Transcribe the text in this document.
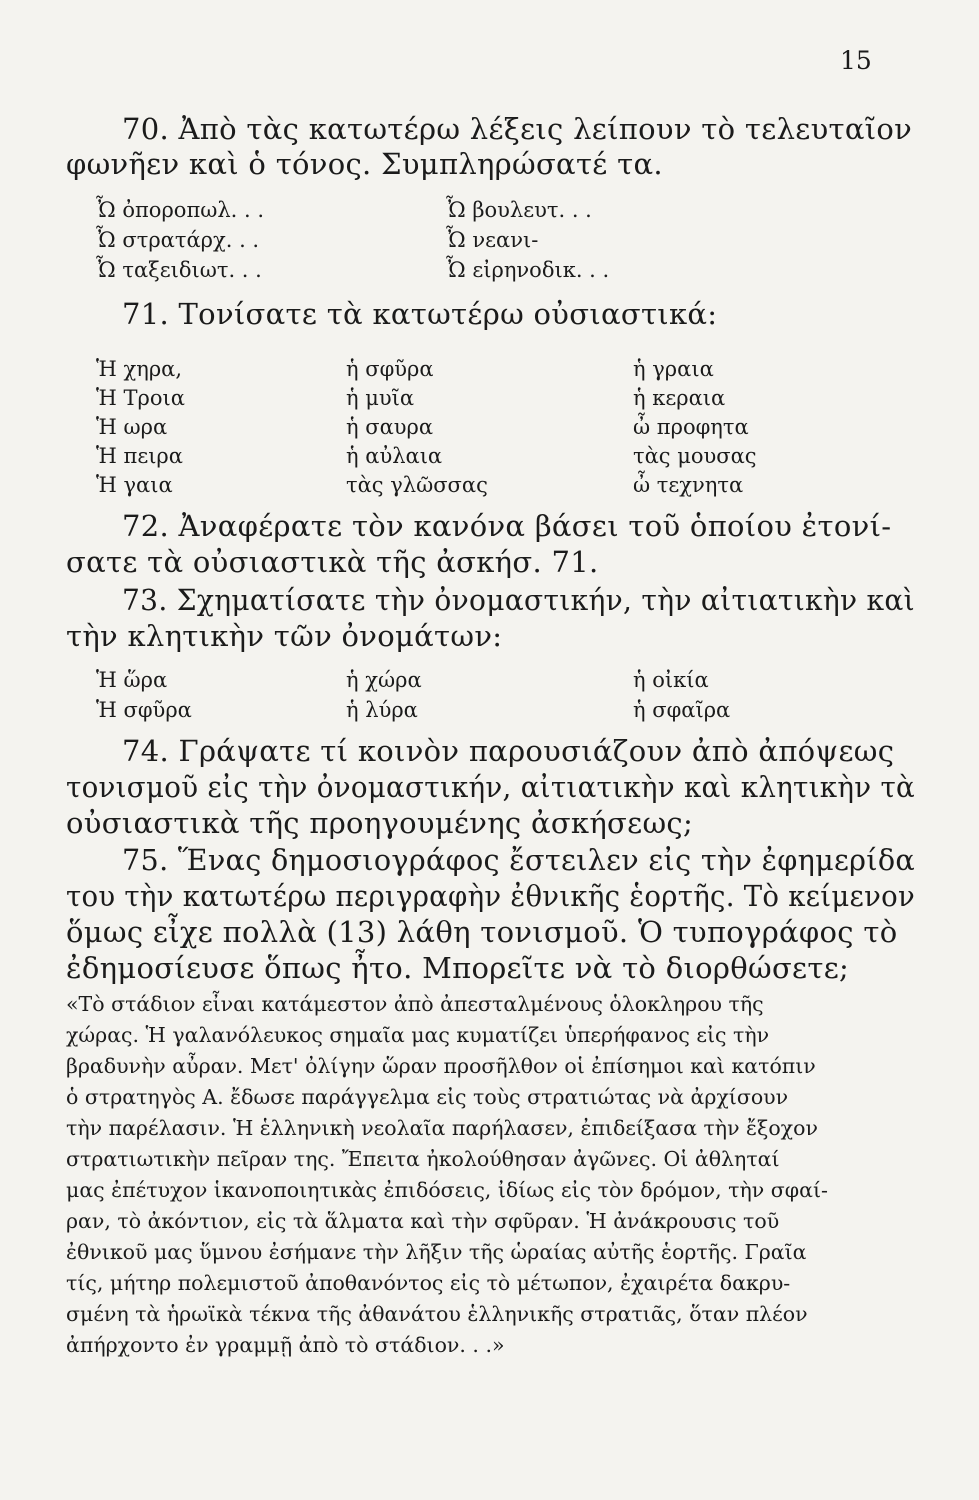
15
70. Ἀπὸ τὰς κατωτέρω λέξεις λείπουν τὸ τελευταῖον
φωνῆεν καὶ ὁ τόνος. Συμπληρώσατέ τα.
Ὦ ὀποροπωλ. . .	Ὦ βουλευτ. . .
Ὦ στρατάρχ. . .	Ὦ νεανι-
Ὦ ταξειδιωτ. . .	Ὦ εἰρηνοδικ. . .
71. Τονίσατε τὰ κατωτέρω οὐσιαστικά:
Ἡ χηρα,	ἡ σφῦρα	ἡ γραια
Ἡ Τροια	ἡ μυῖα	ἡ κεραια
Ἡ ωρα	ἡ σαυρα	ὦ προφητα
Ἡ πειρα	ἡ αὐλαια	τὰς μουσας
Ἡ γαια	τὰς γλῶσσας	ὦ τεχνητα
72. Ἀναφέρατε τὸν κανόνα βάσει τοῦ ὁποίου ἐτονί-
σατε τὰ οὐσιαστικὰ τῆς ἀσκήσ. 71.
73. Σχηματίσατε τὴν ὀνομαστικήν, τὴν αἰτιατικὴν καὶ
τὴν κλητικὴν τῶν ὀνομάτων:
Ἡ ὥρα	ἡ χώρα	ἡ οἰκία
Ἡ σφῦρα	ἡ λύρα	ἡ σφαῖρα
74. Γράψατε τί κοινὸν παρουσιάζουν ἀπὸ ἀπόψεως
τονισμοῦ εἰς τὴν ὀνομαστικήν, αἰτιατικὴν καὶ κλητικὴν τὰ
οὐσιαστικὰ τῆς προηγουμένης ἀσκήσεως;
75. Ἕνας δημοσιογράφος ἔστειλεν εἰς τὴν ἐφημερίδα
του τὴν κατωτέρω περιγραφὴν ἐθνικῆς ἑορτῆς. Τὸ κείμενον
ὅμως εἶχε πολλὰ (13) λάθη τονισμοῦ. Ὁ τυπογράφος τὸ
ἐδημοσίευσε ὅπως ἦτο. Μπορεῖτε νὰ τὸ διορθώσετε;
«Τὸ στάδιον εἶναι κατάμεστον ἀπὸ ἀπεσταλμένους ὁλοκληρου τῆς
χώρας. Ἡ γαλανόλευκος σημαῖα μας κυματίζει ὑπερήφανος εἰς τὴν
βραδυνὴν αὖραν. Μετ' ὀλίγην ὥραν προσῆλθον οἱ ἐπίσημοι καὶ κατόπιν
ὁ στρατηγὸς Α. ἔδωσε παράγγελμα εἰς τοὺς στρατιώτας νὰ ἀρχίσουν
τὴν παρέλασιν. Ἡ ἑλληνικὴ νεολαῖα παρήλασεν, ἐπιδείξασα τὴν ἔξοχον
στρατιωτικὴν πεῖραν της. Ἔπειτα ἠκολούθησαν ἀγῶνες. Οἱ ἀθληταί
μας ἐπέτυχον ἱκανοποιητικὰς ἐπιδόσεις, ἰδίως εἰς τὸν δρόμον, τὴν σφαί-
ραν, τὸ ἀκόντιον, εἰς τὰ ἅλματα καὶ τὴν σφῦραν. Ἡ ἀνάκρουσις τοῦ
ἐθνικοῦ μας ὕμνου ἐσήμανε τὴν λῆξιν τῆς ὡραίας αὐτῆς ἑορτῆς. Γραῖα
τίς, μήτηρ πολεμιστοῦ ἀποθανόντος εἰς τὸ μέτωπον, ἐχαιρέτα δακρυ-
σμένη τὰ ἡρωϊκὰ τέκνα τῆς ἀθανάτου ἑλληνικῆς στρατιᾶς, ὅταν πλέον
ἀπήρχοντο ἐν γραμμῇ ἀπὸ τὸ στάδιον. . .»
